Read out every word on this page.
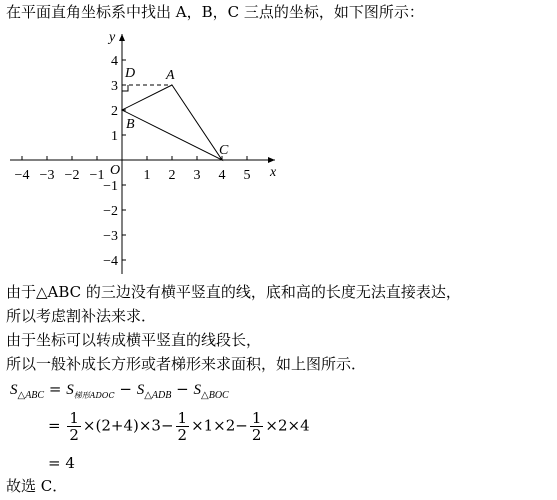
在平面直角坐标系中找出 A，B，C 三点的坐标，如下图所示：
x
y
O
−4 −3 −2 −1	1 2 3 4 5
4
3
2
1
−1
−2
−3
−4
A
B
C
D
由于△ABC 的三边没有横平竖直的线，底和高的长度无法直接表达，
所以考虑割补法来求．
由于坐标可以转成横平竖直的线段长，
所以一般补成长方形或者梯形来求面积，如上图所示．
$S_{\triangle ABC} = S_{梯形ADOC} - S_{\triangle ADB} - S_{\triangle BOC}$
= $\frac{1}{2} \times(2+4)\times 3- \frac{1}{2} \times 1\times 2- \frac{1}{2} \times 2\times 4$
= 4
故选 C．
